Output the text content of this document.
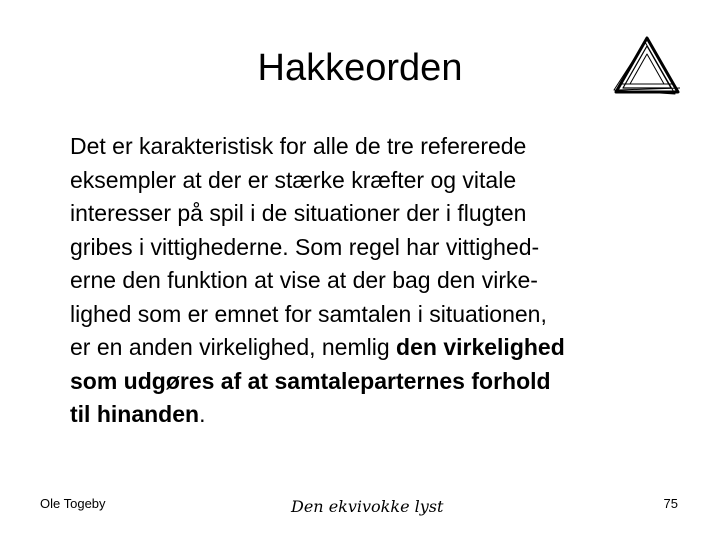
Hakkeorden
Det er karakteristisk for alle de tre refererede
eksempler at der er stærke kræfter og vitale
interesser på spil i de situationer der i flugten
gribes i vittighederne. Som regel har vittighed-
erne den funktion at vise at der bag den virke-
lighed som er emnet for samtalen i situationen,
er en anden virkelighed, nemlig den virkelighed
som udgøres af at samtaleparternes forhold
til hinanden.
Ole Togeby	Den ekvivokke lyst	75
